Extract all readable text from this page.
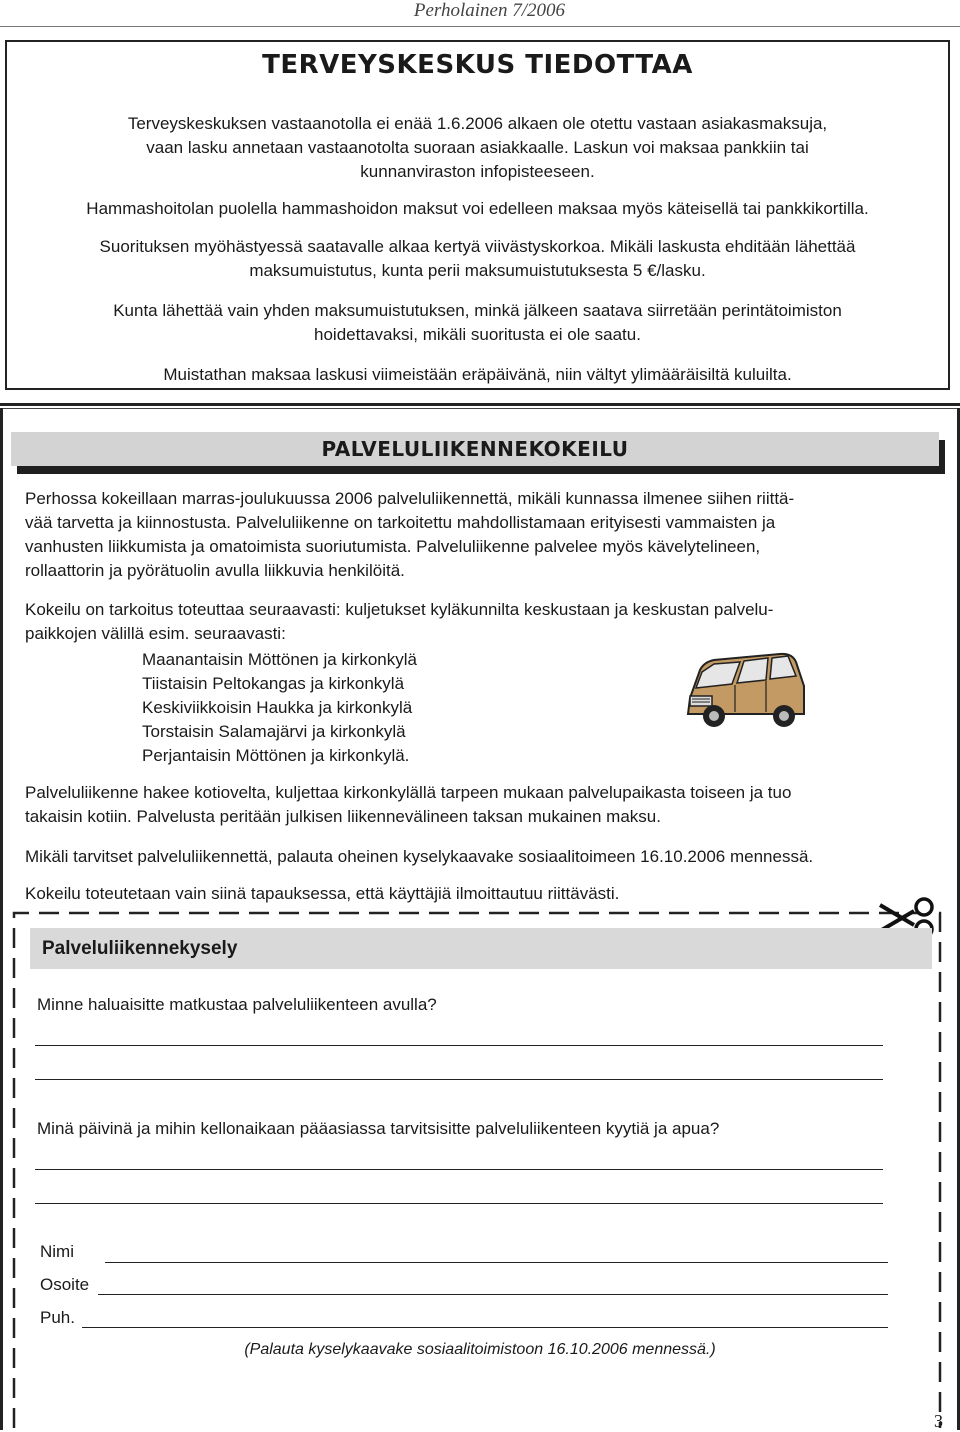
Perholainen 7/2006
TERVEYSKESKUS TIEDOTTAA
Terveyskeskuksen vastaanotolla ei enää 1.6.2006 alkaen ole otettu vastaan asiakasmaksuja,
vaan lasku annetaan vastaanotolta suoraan asiakkaalle. Laskun voi maksaa pankkiin tai
kunnanviraston infopisteeseen.
Hammashoitolan puolella hammashoidon maksut voi edelleen maksaa myös käteisellä tai pankkikortilla.
Suorituksen myöhästyessä saatavalle alkaa kertyä viivästyskorkoa. Mikäli laskusta ehditään lähettää
maksumuistutus, kunta perii maksumuistutuksesta 5 €/lasku.
Kunta lähettää vain yhden maksumuistutuksen, minkä jälkeen saatava siirretään perintätoimiston
hoidettavaksi, mikäli suoritusta ei ole saatu.
Muistathan maksaa laskusi viimeistään eräpäivänä, niin vältyt ylimääräisiltä kuluilta.
PALVELULIIKENNEKOKEILU
Perhossa kokeillaan marras-joulukuussa 2006 palveluliikennettä, mikäli kunnassa ilmenee siihen riittä-
vää tarvetta ja kiinnostusta. Palveluliikenne on tarkoitettu mahdollistamaan erityisesti vammaisten ja
vanhusten liikkumista ja omatoimista suoriutumista. Palveluliikenne palvelee myös kävelytelineen,
rollaattorin ja pyörätuolin avulla liikkuvia henkilöitä.
Kokeilu on tarkoitus toteuttaa seuraavasti: kuljetukset kyläkunnilta keskustaan ja keskustan palvelu-
paikkojen välillä esim. seuraavasti:
Maanantaisin Möttönen ja kirkonkylä
Tiistaisin Peltokangas ja kirkonkylä
Keskiviikkoisin Haukka ja kirkonkylä
Torstaisin Salamajärvi ja kirkonkylä
Perjantaisin Möttönen ja kirkonkylä.
Palveluliikenne hakee kotiovelta, kuljettaa kirkonkylällä tarpeen mukaan palvelupaikasta toiseen ja tuo
takaisin kotiin. Palvelusta peritään julkisen liikennevälineen taksan mukainen maksu.
Mikäli tarvitset palveluliikennettä, palauta oheinen kyselykaavake sosiaalitoimeen 16.10.2006 mennessä.
Kokeilu toteutetaan vain siinä tapauksessa, että käyttäjiä ilmoittautuu riittävästi.
Palveluliikennekysely
Minne haluaisitte matkustaa palveluliikenteen avulla?
Minä päivinä ja mihin kellonaikaan pääasiassa tarvitsisitte palveluliikenteen kyytiä ja apua?
Nimi
Osoite
Puh.
(Palauta kyselykaavake sosiaalitoimistoon 16.10.2006 mennessä.)
3
